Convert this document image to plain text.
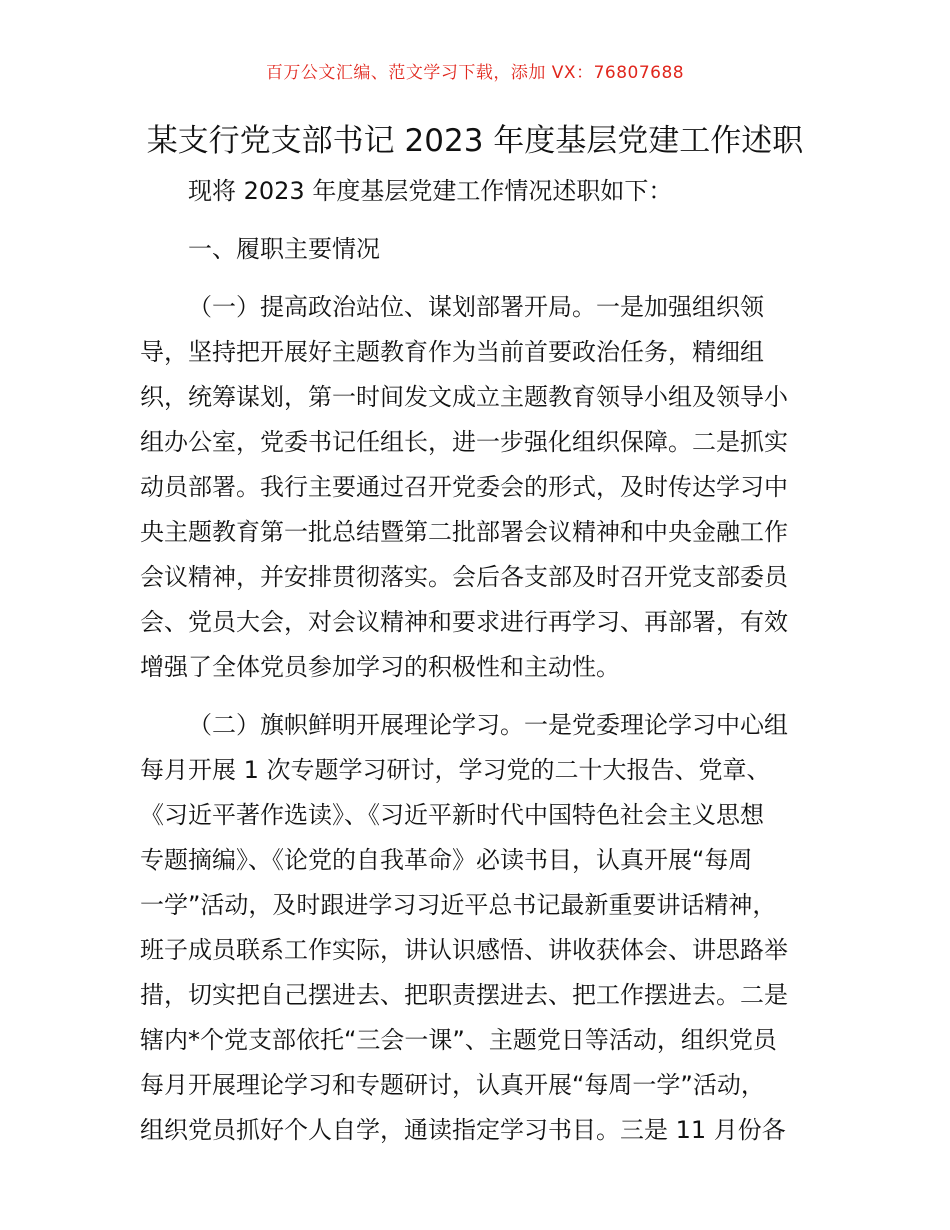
百万公文汇编、范文学习下载，添加 VX：76807688
某支行党支部书记 2023 年度基层党建工作述职
现将 2023 年度基层党建工作情况述职如下：
一、履职主要情况
（一）提高政治站位、谋划部署开局。一是加强组织领
导，坚持把开展好主题教育作为当前首要政治任务，精细组
织，统筹谋划，第一时间发文成立主题教育领导小组及领导小
组办公室，党委书记任组长，进一步强化组织保障。二是抓实
动员部署。我行主要通过召开党委会的形式，及时传达学习中
央主题教育第一批总结暨第二批部署会议精神和中央金融工作
会议精神，并安排贯彻落实。会后各支部及时召开党支部委员
会、党员大会，对会议精神和要求进行再学习、再部署，有效
增强了全体党员参加学习的积极性和主动性。
（二）旗帜鲜明开展理论学习。一是党委理论学习中心组
每月开展 1 次专题学习研讨，学习党的二十大报告、党章、
《习近平著作选读》、《习近平新时代中国特色社会主义思想
专题摘编》、《论党的自我革命》必读书目，认真开展“每周
一学”活动，及时跟进学习习近平总书记最新重要讲话精神，
班子成员联系工作实际，讲认识感悟、讲收获体会、讲思路举
措，切实把自己摆进去、把职责摆进去、把工作摆进去。二是
辖内*个党支部依托“三会一课”、主题党日等活动，组织党员
每月开展理论学习和专题研讨，认真开展“每周一学”活动，
组织党员抓好个人自学，通读指定学习书目。三是 11 月份各
